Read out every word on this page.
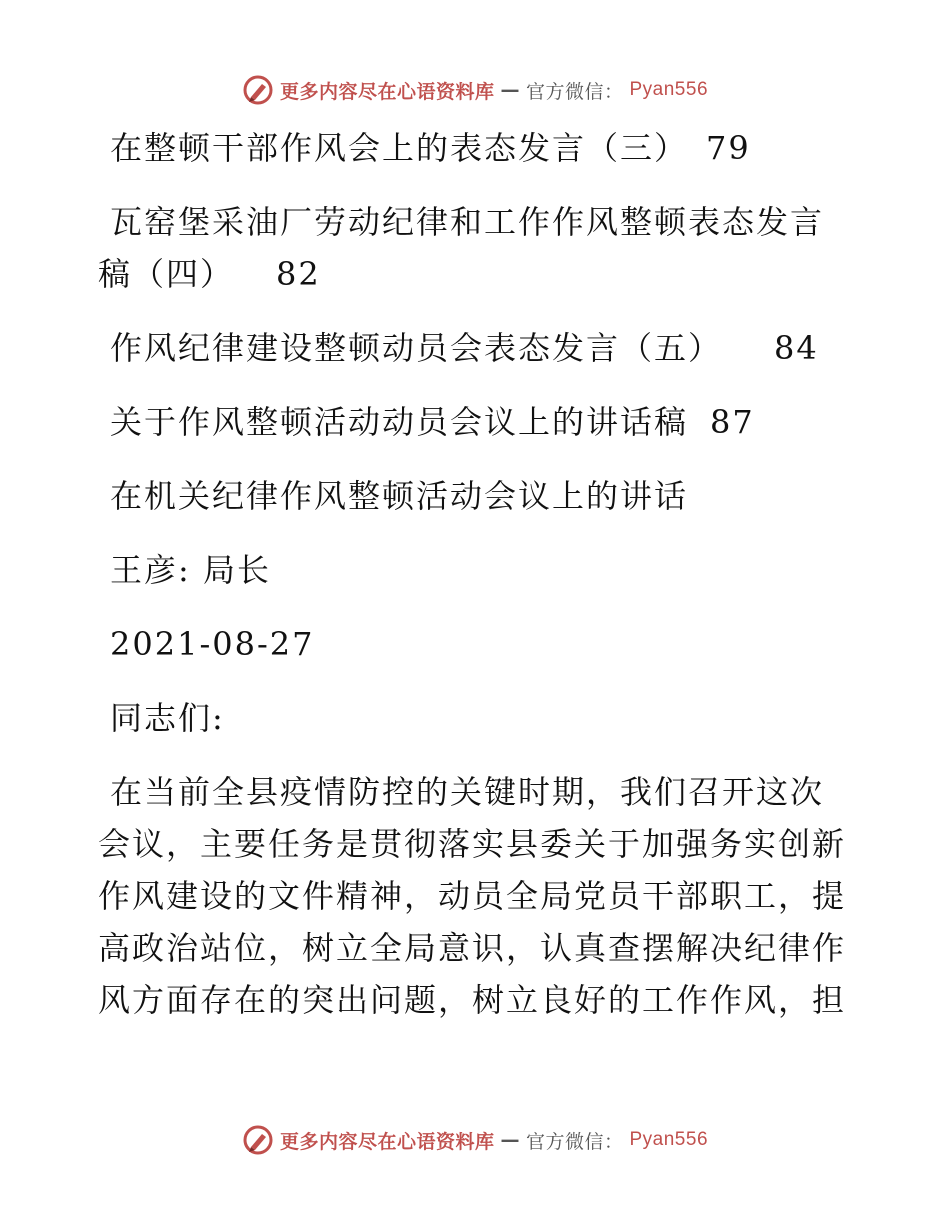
更多内容尽在心语资料库 — 官方微信： Pyan556
在整顿干部作风会上的表态发言（三） 79
瓦窑堡采油厂劳动纪律和工作作风整顿表态发言
稿（四） 82
作风纪律建设整顿动员会表态发言（五） 84
关于作风整顿活动动员会议上的讲话稿 87
在机关纪律作风整顿活动会议上的讲话
王彦: 局长
2021-08-27
同志们:
在当前全县疫情防控的关键时期，我们召开这次
会议，主要任务是贯彻落实县委关于加强务实创新
作风建设的文件精神，动员全局党员干部职工，提
高政治站位，树立全局意识，认真查摆解决纪律作
风方面存在的突出问题，树立良好的工作作风，担
更多内容尽在心语资料库 — 官方微信： Pyan556
